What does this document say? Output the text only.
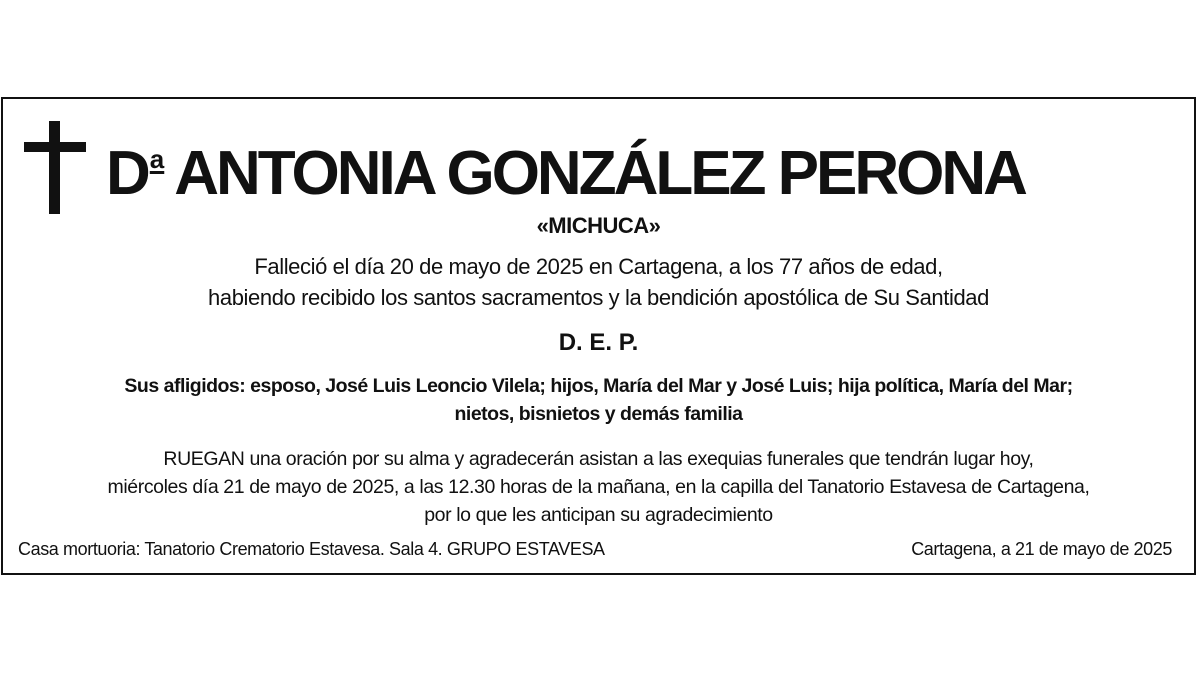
$D^a$ ANTONIA GONZÁLEZ PERONA

«MICHUCA»

Falleció el día 20 de mayo de 2025 en Cartagena, a los 77 años de edad,

habiendo recibido los santos sacramentos y la bendición apostólica de Su Santidad

D. E. P.

Sus afligidos: esposo, José Luis Leoncio Vilela; hijos, María del Mar y José Luis; hija política, María del Mar;

nietos, bisnietos y demás familia

RUEGAN una oración por su alma y agradecerán asistan a las exequias funerales que tendrán lugar hoy,

miércoles día 21 de mayo de 2025, a las 12.30 horas de la mañana, en la capilla del Tanatorio Estavesa de Cartagena,

por lo que les anticipan su agradecimiento

Casa mortuoria: Tanatorio Crematorio Estavesa. Sala 4. GRUPO ESTAVESA	Cartagena, a 21 de mayo de 2025
